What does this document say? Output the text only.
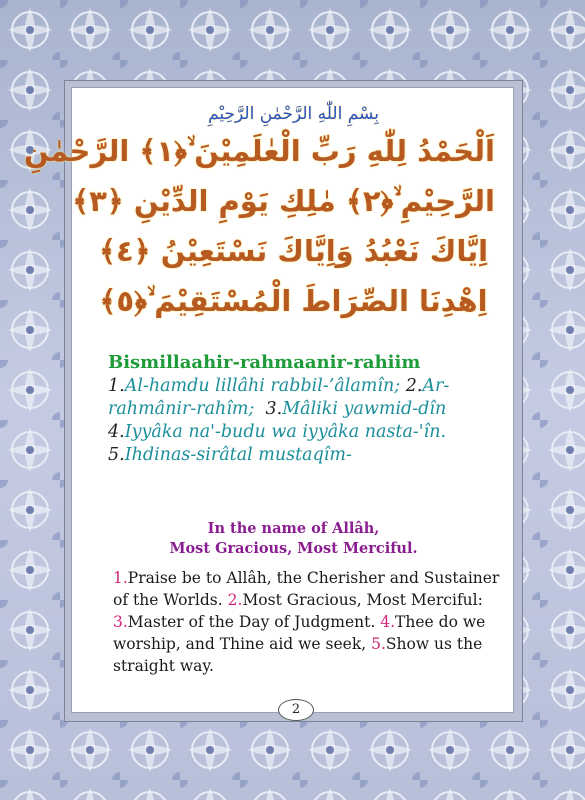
بِسْمِ اللّٰهِ الرَّحْمٰنِ الرَّحِيْمِ
اَلْحَمْدُ لِلّٰهِ رَبِّ الْعٰلَمِيْنَ ۙ﴿١﴾ الرَّحْمٰنِ
الرَّحِيْمِ ۙ﴿٢﴾ مٰلِكِ يَوْمِ الدِّيْنِ ﴿٣﴾
اِيَّاكَ نَعْبُدُ وَاِيَّاكَ نَسْتَعِيْنُ ﴿٤﴾
اِهْدِنَا الصِّرَاطَ الْمُسْتَقِيْمَ ۙ﴿٥﴾
Bismillaahir-rahmaanir-rahiim
1.Al-hamdu lillâhi rabbil-’âlamîn; 2.Ar-rahmânir-rahîm; 3.Mâliki yawmid-dîn 4.Iyyâka na'-budu wa iyyâka nasta-'în. 5.Ihdinas-sirâtal mustaqîm-
In the name of Allâh,
Most Gracious, Most Merciful.
1.Praise be to Allâh, the Cherisher and Sustainer of the Worlds. 2.Most Gracious, Most Merciful: 3.Master of the Day of Judgment. 4.Thee do we worship, and Thine aid we seek, 5.Show us the straight way.
2
